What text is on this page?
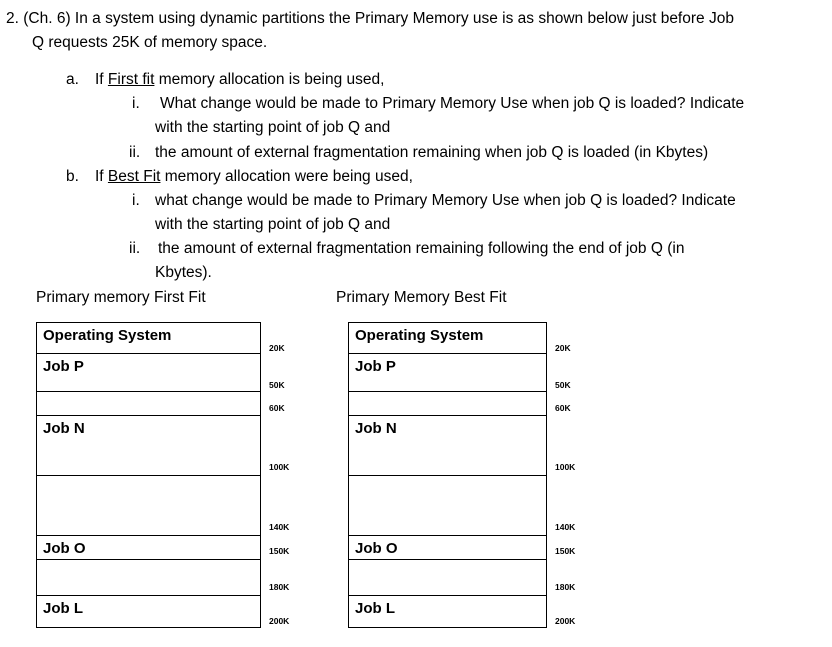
2. (Ch. 6) In a system using dynamic partitions the Primary Memory use is as shown below just before Job
Q requests 25K of memory space.
a. If First fit memory allocation is being used,
i. What change would be made to Primary Memory Use when job Q is loaded? Indicate
with the starting point of job Q and
ii. the amount of external fragmentation remaining when job Q is loaded (in Kbytes)
b. If Best Fit memory allocation were being used,
i. what change would be made to Primary Memory Use when job Q is loaded? Indicate
with the starting point of job Q and
ii. the amount of external fragmentation remaining following the end of job Q (in
Kbytes).
Primary memory First Fit	Primary Memory Best Fit
Operating System
Job P
Job N
Job O
Job L
20K
50K
60K
100K
140K
150K
180K
200K
Operating System
Job P
Job N
Job O
Job L
20K
50K
60K
100K
140K
150K
180K
200K
